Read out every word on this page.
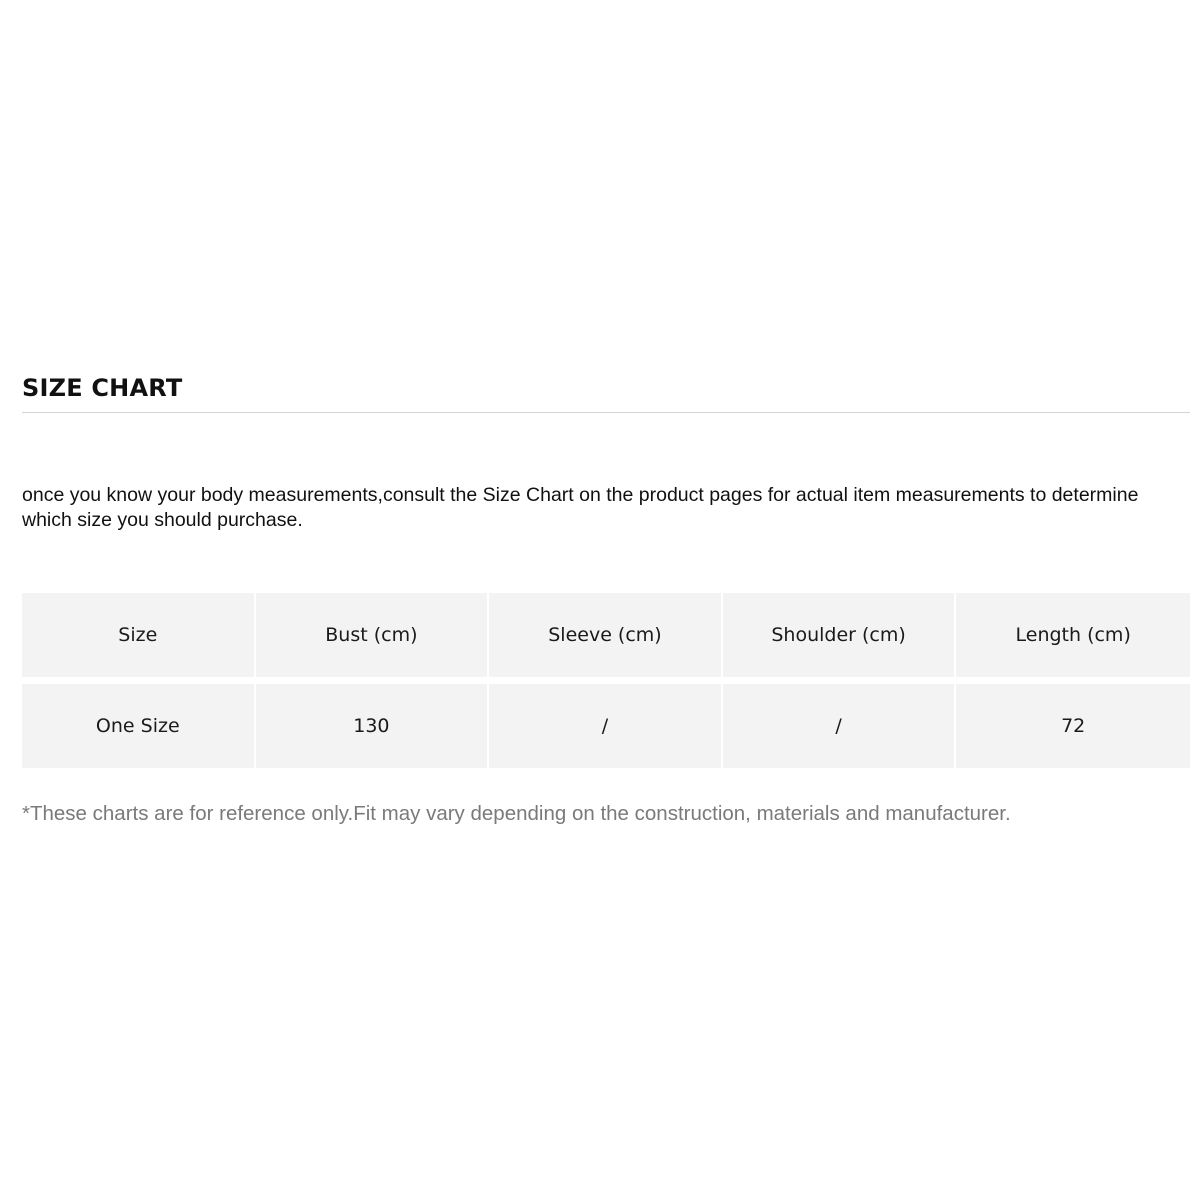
SIZE CHART

once you know your body measurements,consult the Size Chart on the product pages for actual item measurements to determine which size you should purchase.

Size	Bust (cm)	Sleeve (cm)	Shoulder (cm)	Length (cm)
One Size	130	/	/	72

*These charts are for reference only.Fit may vary depending on the construction, materials and manufacturer.
